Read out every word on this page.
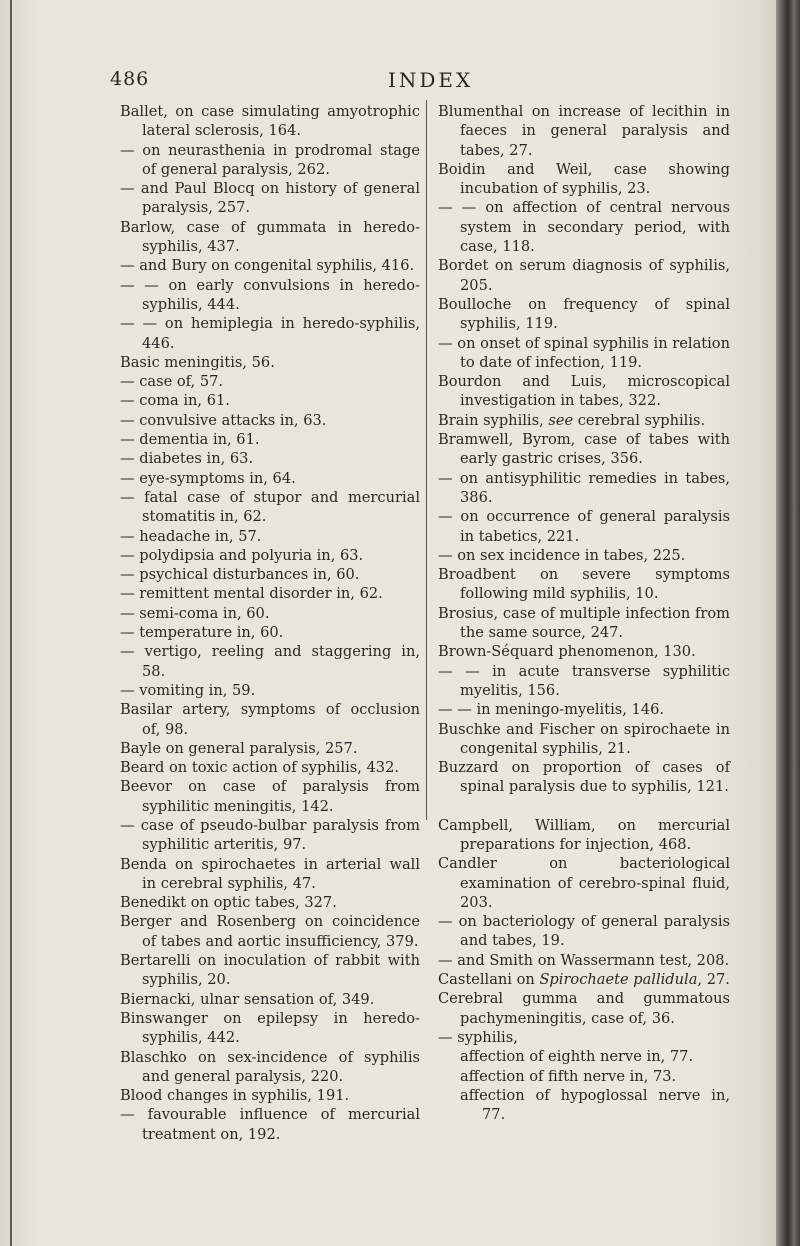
486	INDEX

Ballet, on case simulating amyotrophic lateral sclerosis, 164.

— on neurasthenia in prodromal stage of general paralysis, 262.

— and Paul Blocq on history of general paralysis, 257.

Barlow, case of gummata in heredo-syphilis, 437.

— and Bury on congenital syphilis, 416.

— — on early convulsions in heredo-syphilis, 444.

— — on hemiplegia in heredo-syphilis, 446.

Basic meningitis, 56.

— case of, 57.

— coma in, 61.

— convulsive attacks in, 63.

— dementia in, 61.

— diabetes in, 63.

— eye-symptoms in, 64.

— fatal case of stupor and mercurial stomatitis in, 62.

— headache in, 57.

— polydipsia and polyuria in, 63.

— psychical disturbances in, 60.

— remittent mental disorder in, 62.

— semi-coma in, 60.

— temperature in, 60.

— vertigo, reeling and staggering in, 58.

— vomiting in, 59.

Basilar artery, symptoms of occlusion of, 98.

Bayle on general paralysis, 257.

Beard on toxic action of syphilis, 432.

Beevor on case of paralysis from syphilitic meningitis, 142.

— case of pseudo-bulbar paralysis from syphilitic arteritis, 97.

Benda on spirochaetes in arterial wall in cerebral syphilis, 47.

Benedikt on optic tabes, 327.

Berger and Rosenberg on coincidence of tabes and aortic insufficiency, 379.

Bertarelli on inoculation of rabbit with syphilis, 20.

Biernacki, ulnar sensation of, 349.

Binswanger on epilepsy in heredo-syphilis, 442.

Blaschko on sex-incidence of syphilis and general paralysis, 220.

Blood changes in syphilis, 191.

— favourable influence of mercurial treatment on, 192.

Blumenthal on increase of lecithin in faeces in general paralysis and tabes, 27.

Boidin and Weil, case showing incubation of syphilis, 23.

— — on affection of central nervous system in secondary period, with case, 118.

Bordet on serum diagnosis of syphilis, 205.

Boulloche on frequency of spinal syphilis, 119.

— on onset of spinal syphilis in relation to date of infection, 119.

Bourdon and Luis, microscopical investigation in tabes, 322.

Brain syphilis, see cerebral syphilis.

Bramwell, Byrom, case of tabes with early gastric crises, 356.

— on antisyphilitic remedies in tabes, 386.

— on occurrence of general paralysis in tabetics, 221.

— on sex incidence in tabes, 225.

Broadbent on severe symptoms following mild syphilis, 10.

Brosius, case of multiple infection from the same source, 247.

Brown-Séquard phenomenon, 130.

— — in acute transverse syphilitic myelitis, 156.

— — in meningo-myelitis, 146.

Buschke and Fischer on spirochaete in congenital syphilis, 21.

Buzzard on proportion of cases of spinal paralysis due to syphilis, 121.

Campbell, William, on mercurial preparations for injection, 468.

Candler on bacteriological examination of cerebro-spinal fluid, 203.

— on bacteriology of general paralysis and tabes, 19.

— and Smith on Wassermann test, 208.

Castellani on Spirochaete pallidula, 27.

Cerebral gumma and gummatous pachymeningitis, case of, 36.

— syphilis,

affection of eighth nerve in, 77.

affection of fifth nerve in, 73.

affection of hypoglossal nerve in, 77.
